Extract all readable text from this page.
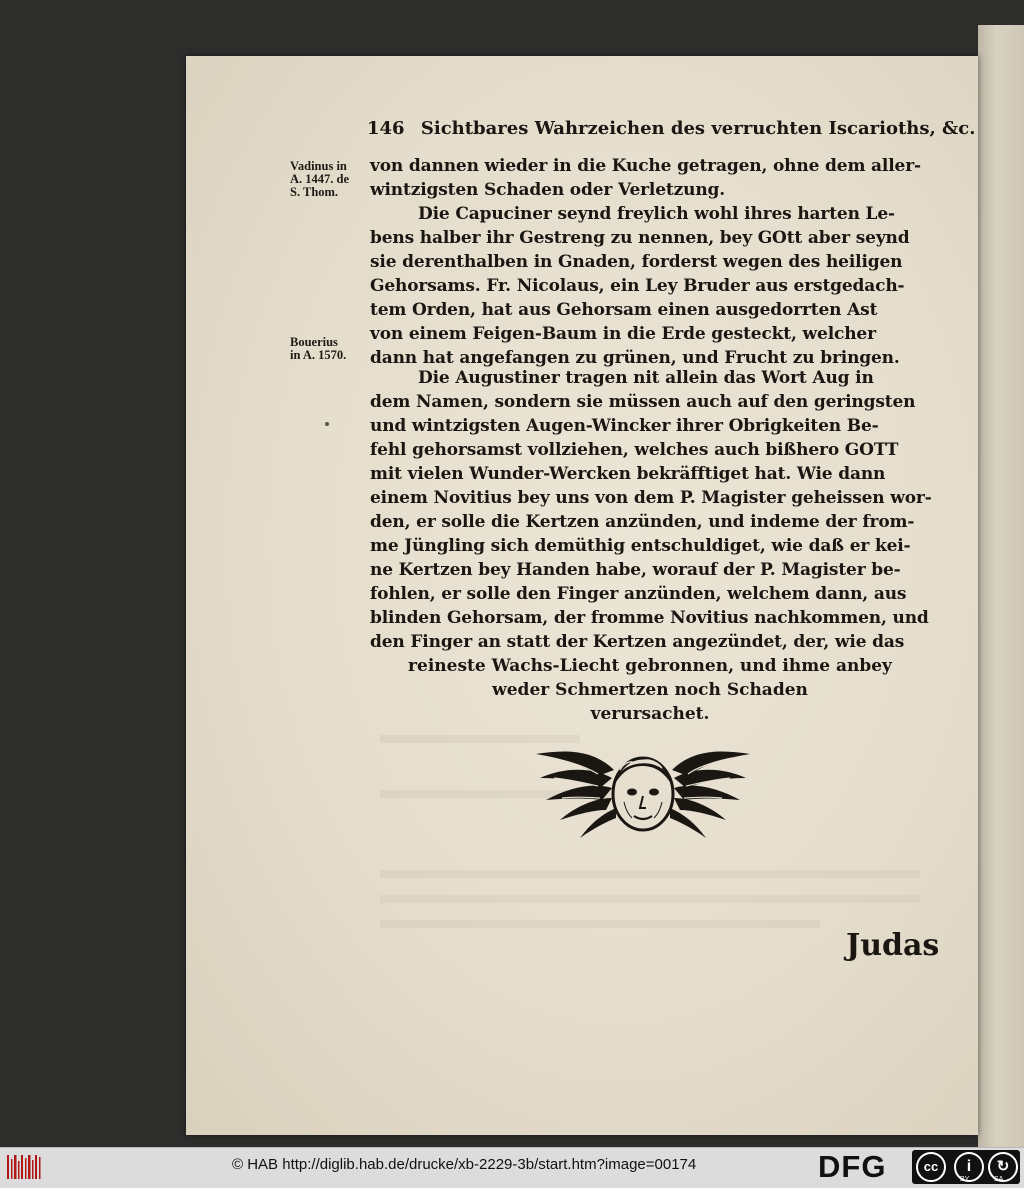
146 Sichtbares Wahrzeichen des verruchten Iscarioths, &c.
Vadinus in
A. 1447. de
S. Thom.
Bouerius
in A. 1570.
von dannen wieder in die Kuche getragen, ohne dem aller-
wintzigsten Schaden oder Verletzung.
Die Capuciner seynd freylich wohl ihres harten Le-
bens halber ihr Gestreng zu nennen, bey GOtt aber seynd
sie derenthalben in Gnaden, forderst wegen des heiligen
Gehorsams. Fr. Nicolaus, ein Ley Bruder aus erstgedach-
tem Orden, hat aus Gehorsam einen ausgedorrten Ast
von einem Feigen-Baum in die Erde gesteckt, welcher
dann hat angefangen zu grünen, und Frucht zu bringen.
Die Augustiner tragen nit allein das Wort Aug in
dem Namen, sondern sie müssen auch auf den geringsten
und wintzigsten Augen-Wincker ihrer Obrigkeiten Be-
fehl gehorsamst vollziehen, welches auch bißhero GOTT
mit vielen Wunder-Wercken bekräfftiget hat. Wie dann
einem Novitius bey uns von dem P. Magister geheissen wor-
den, er solle die Kertzen anzünden, und indeme der from-
me Jüngling sich demüthig entschuldiget, wie daß er kei-
ne Kertzen bey Handen habe, worauf der P. Magister be-
fohlen, er solle den Finger anzünden, welchem dann, aus
blinden Gehorsam, der fromme Novitius nachkommen, und
den Finger an statt der Kertzen angezündet, der, wie das
reineste Wachs-Liecht gebronnen, und ihme anbey
weder Schmertzen noch Schaden
verursachet.
Judas
© HAB http://diglib.hab.de/drucke/xb-2229-3b/start.htm?image=00174	DFG	cc	i	↻
BY	SA
